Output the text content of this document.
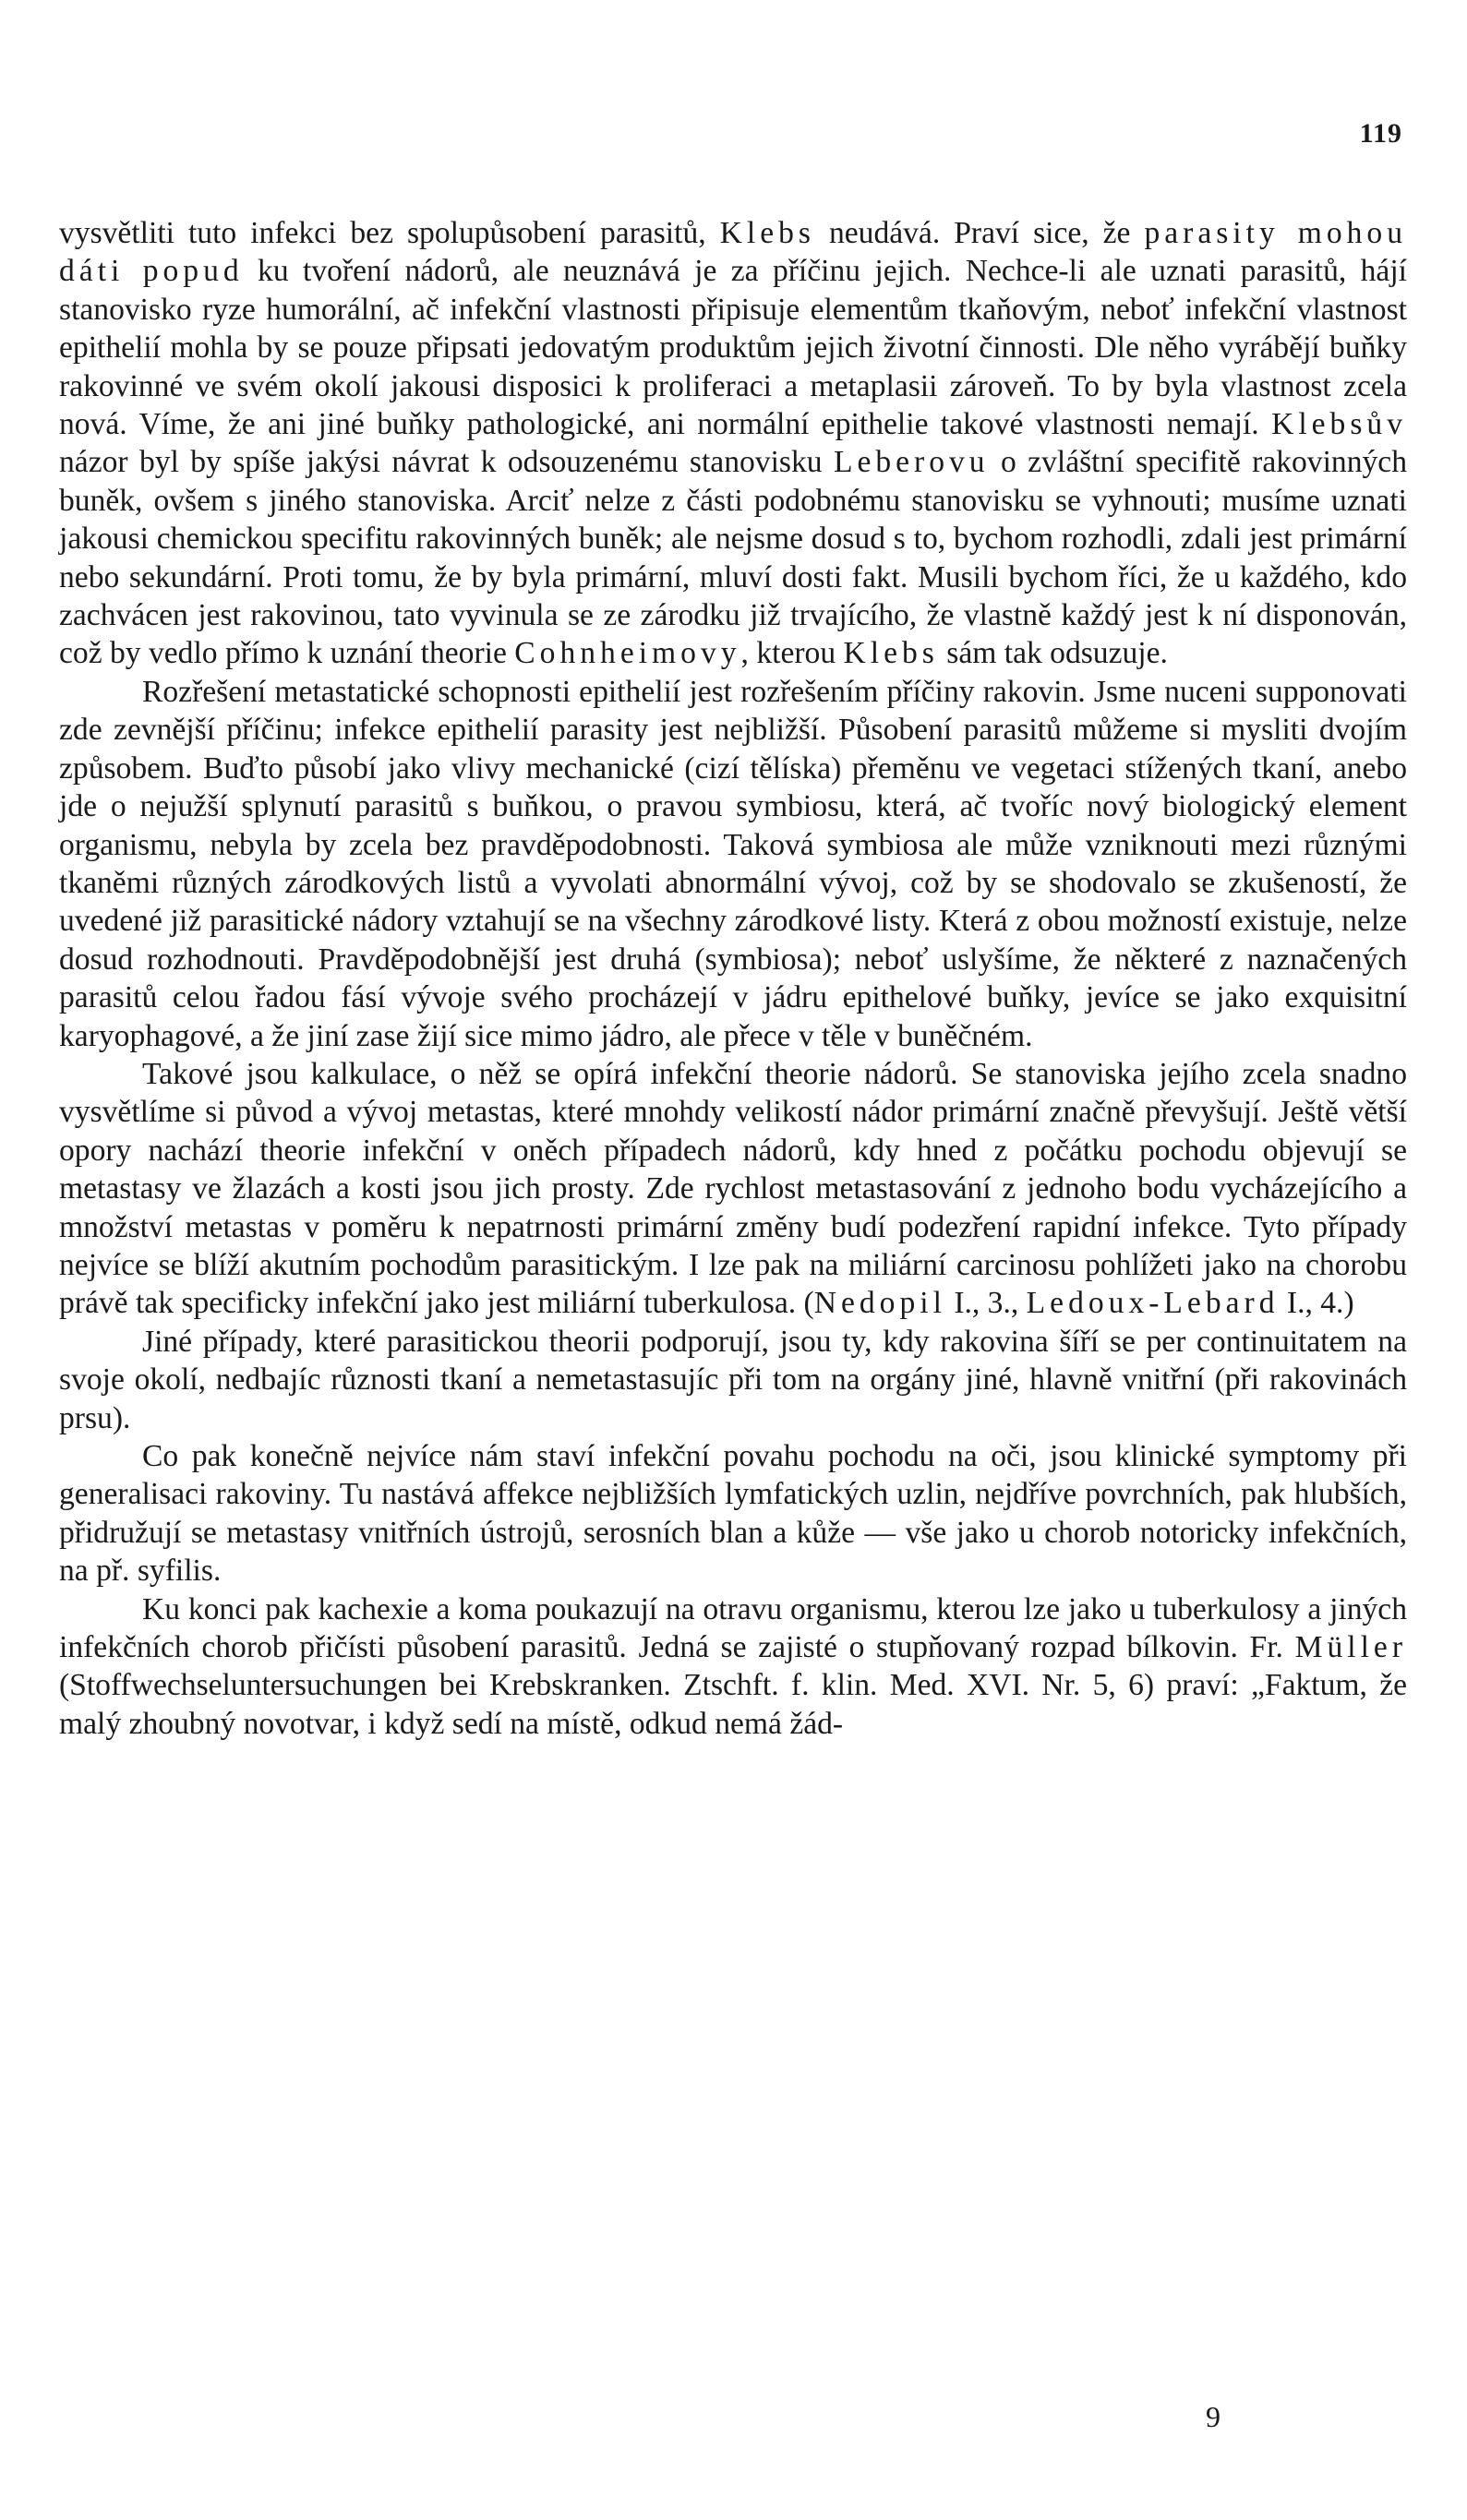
119

vysvětliti tuto infekci bez spolupůsobení parasitů, Klebs neudává. Praví sice, že parasity mohou dáti popud ku tvoření nádorů, ale neuznává je za příčinu jejich. Nechce-li ale uznati parasitů, hájí stanovisko ryze humorální, ač infekční vlastnosti připisuje elementům tkaňovým, neboť infekční vlastnost epithelií mohla by se pouze připsati jedovatým produktům jejich životní činnosti. Dle něho vyrábějí buňky rakovinné ve svém okolí jakousi disposici k proliferaci a metaplasii zároveň. To by byla vlastnost zcela nová. Víme, že ani jiné buňky pathologické, ani normální epithelie takové vlastnosti nemají. Klebsův názor byl by spíše jakýsi návrat k odsouzenému stanovisku Leberovu o zvláštní specifitě rakovinných buněk, ovšem s jiného stanoviska. Arciť nelze z části podobnému stanovisku se vyhnouti; musíme uznati jakousi chemickou specifitu rakovinných buněk; ale nejsme dosud s to, bychom rozhodli, zdali jest primární nebo sekundární. Proti tomu, že by byla primární, mluví dosti fakt. Musili bychom říci, že u každého, kdo zachvácen jest rakovinou, tato vyvinula se ze zárodku již trvajícího, že vlastně každý jest k ní disponován, což by vedlo přímo k uznání theorie Cohnheimovy, kterou Klebs sám tak odsuzuje.

Rozřešení metastatické schopnosti epithelií jest rozřešením příčiny rakovin. Jsme nuceni supponovati zde zevnější příčinu; infekce epithelií parasity jest nejbližší. Působení parasitů můžeme si mysliti dvojím způsobem. Buďto působí jako vlivy mechanické (cizí tělíska) přeměnu ve vegetaci stížených tkaní, anebo jde o nejužší splynutí parasitů s buňkou, o pravou symbiosu, která, ač tvoříc nový biologický element organismu, nebyla by zcela bez pravděpodobnosti. Taková symbiosa ale může vzniknouti mezi různými tkaněmi různých zárodkových listů a vyvolati abnormální vývoj, což by se shodovalo se zkušeností, že uvedené již parasitické nádory vztahují se na všechny zárodkové listy. Která z obou možností existuje, nelze dosud rozhodnouti. Pravděpodobnější jest druhá (symbiosa); neboť uslyšíme, že některé z naznačených parasitů celou řadou fásí vývoje svého procházejí v jádru epithelové buňky, jevíce se jako exquisitní karyophagové, a že jiní zase žijí sice mimo jádro, ale přece v těle v buněčném.

Takové jsou kalkulace, o něž se opírá infekční theorie nádorů. Se stanoviska jejího zcela snadno vysvětlíme si původ a vývoj metastas, které mnohdy velikostí nádor primární značně převyšují. Ještě větší opory nachází theorie infekční v oněch případech nádorů, kdy hned z počátku pochodu objevují se metastasy ve žlazách a kosti jsou jich prosty. Zde rychlost metastasování z jednoho bodu vycházejícího a množství metastas v poměru k nepatrnosti primární změny budí podezření rapidní infekce. Tyto případy nejvíce se blíží akutním pochodům parasitickým. I lze pak na miliární carcinosu pohlížeti jako na chorobu právě tak specificky infekční jako jest miliární tuberkulosa. (Nedopil I., 3., Ledoux-Lebard I., 4.)

Jiné případy, které parasitickou theorii podporují, jsou ty, kdy rakovina šíří se per continuitatem na svoje okolí, nedbajíc různosti tkaní a nemetastasujíc při tom na orgány jiné, hlavně vnitřní (při rakovinách prsu).

Co pak konečně nejvíce nám staví infekční povahu pochodu na oči, jsou klinické symptomy při generalisaci rakoviny. Tu nastává affekce nejbližších lymfatických uzlin, nejdříve povrchních, pak hlubších, přidružují se metastasy vnitřních ústrojů, serosních blan a kůže — vše jako u chorob notoricky infekčních, na př. syfilis.

Ku konci pak kachexie a koma poukazují na otravu organismu, kterou lze jako u tuberkulosy a jiných infekčních chorob přičísti působení parasitů. Jedná se zajisté o stupňovaný rozpad bílkovin. Fr. Müller (Stoffwechseluntersuchungen bei Krebskranken. Ztschft. f. klin. Med. XVI. Nr. 5, 6) praví: „Faktum, že malý zhoubný novotvar, i když sedí na místě, odkud nemá žád-

9
